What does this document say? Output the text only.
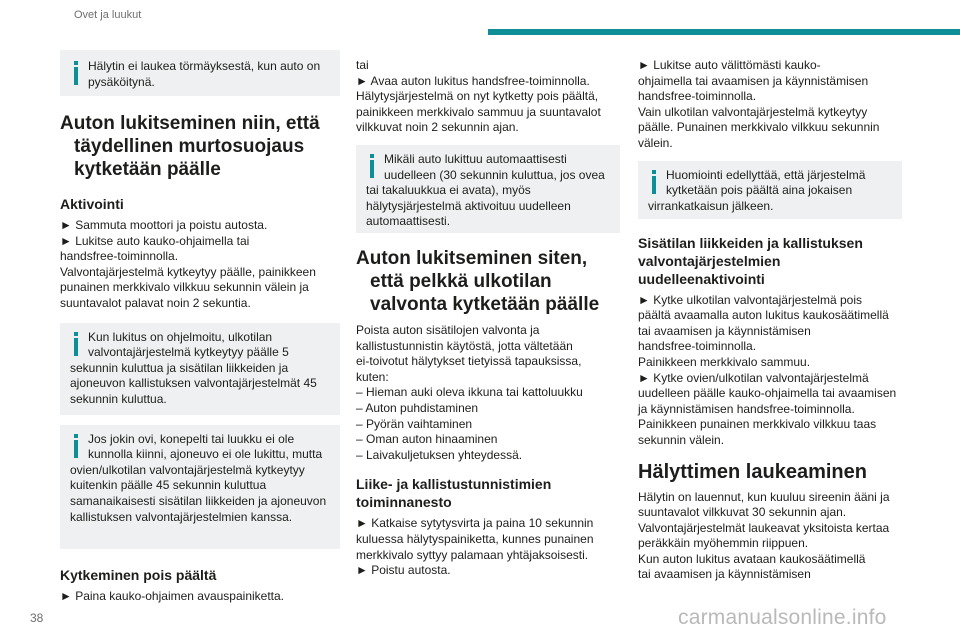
Ovet ja luukut
Hälytin ei laukea törmäyksestä, kun auto on pysäköitynä.
Auton lukitseminen niin, että täydellinen murtosuojaus kytketään päälle
Aktivointi

► Sammuta moottori ja poistu autosta.

► Lukitse auto kauko-ohjaimella tai

handsfree-toiminnolla.

Valvontajärjestelmä kytkeytyy päälle, painikkeen

punainen merkkivalo vilkkuu sekunnin välein ja

suuntavalot palavat noin 2 sekuntia.

Kun lukitus on ohjelmoitu, ulkotilan valvontajärjestelmä kytkeytyy päälle 5 sekunnin kuluttua ja sisätilan liikkeiden ja ajoneuvon kallistuksen valvontajärjestelmät 45 sekunnin kuluttua.
Jos jokin ovi, konepelti tai luukku ei ole kunnolla kiinni, ajoneuvo ei ole lukittu, mutta ovien/ulkotilan valvontajärjestelmä kytkeytyy kuitenkin päälle 45 sekunnin kuluttua samanaikaisesti sisätilan liikkeiden ja ajoneuvon kallistuksen valvontajärjestelmien kanssa.
Kytkeminen pois päältä
► Paina kauko-ohjaimen avauspainiketta.

tai

► Avaa auton lukitus handsfree-toiminnolla.

Hälytysjärjestelmä on nyt kytketty pois päältä,

painikkeen merkkivalo sammuu ja suuntavalot

vilkkuvat noin 2 sekunnin ajan.

Mikäli auto lukittuu automaattisesti uudelleen (30 sekunnin kuluttua, jos ovea tai takaluukkua ei avata), myös hälytysjärjestelmä aktivoituu uudelleen automaattisesti.
Auton lukitseminen siten, että pelkkä ulkotilan valvonta kytketään päälle

Poista auton sisätilojen valvonta ja

kallistustunnistin käytöstä, jotta vältetään

ei-toivotut hälytykset tietyissä tapauksissa,

kuten:

– Hieman auki oleva ikkuna tai kattoluukku

– Auton puhdistaminen

– Pyörän vaihtaminen

– Oman auton hinaaminen

– Laivakuljetuksen yhteydessä.

Liike- ja kallistustunnistimien toiminnanesto

► Katkaise sytytysvirta ja paina 10 sekunnin

kuluessa hälytyspainiketta, kunnes punainen

merkkivalo syttyy palamaan yhtäjaksoisesti.

► Poistu autosta.

► Lukitse auto välittömästi kauko-

ohjaimella tai avaamisen ja käynnistämisen

handsfree-toiminnolla.

Vain ulkotilan valvontajärjestelmä kytkeytyy

päälle. Punainen merkkivalo vilkkuu sekunnin

välein.

Huomiointi edellyttää, että järjestelmä kytketään pois päältä aina jokaisen virrankatkaisun jälkeen.
Sisätilan liikkeiden ja kallistuksen valvontajärjestelmien uudelleenaktivointi

► Kytke ulkotilan valvontajärjestelmä pois

päältä avaamalla auton lukitus kaukosäätimellä

tai avaamisen ja käynnistämisen

handsfree-toiminnolla.

Painikkeen merkkivalo sammuu.

► Kytke ovien/ulkotilan valvontajärjestelmä

uudelleen päälle kauko-ohjaimella tai avaamisen

ja käynnistämisen handsfree-toiminnolla.

Painikkeen punainen merkkivalo vilkkuu taas

sekunnin välein.

Hälyttimen laukeaminen

Hälytin on lauennut, kun kuuluu sireenin ääni ja

suuntavalot vilkkuvat 30 sekunnin ajan.

Valvontajärjestelmät laukeavat yksitoista kertaa

peräkkäin myöhemmin riippuen.

Kun auton lukitus avataan kaukosäätimellä

tai avaamisen ja käynnistämisen

38	carmanualsonline.info
